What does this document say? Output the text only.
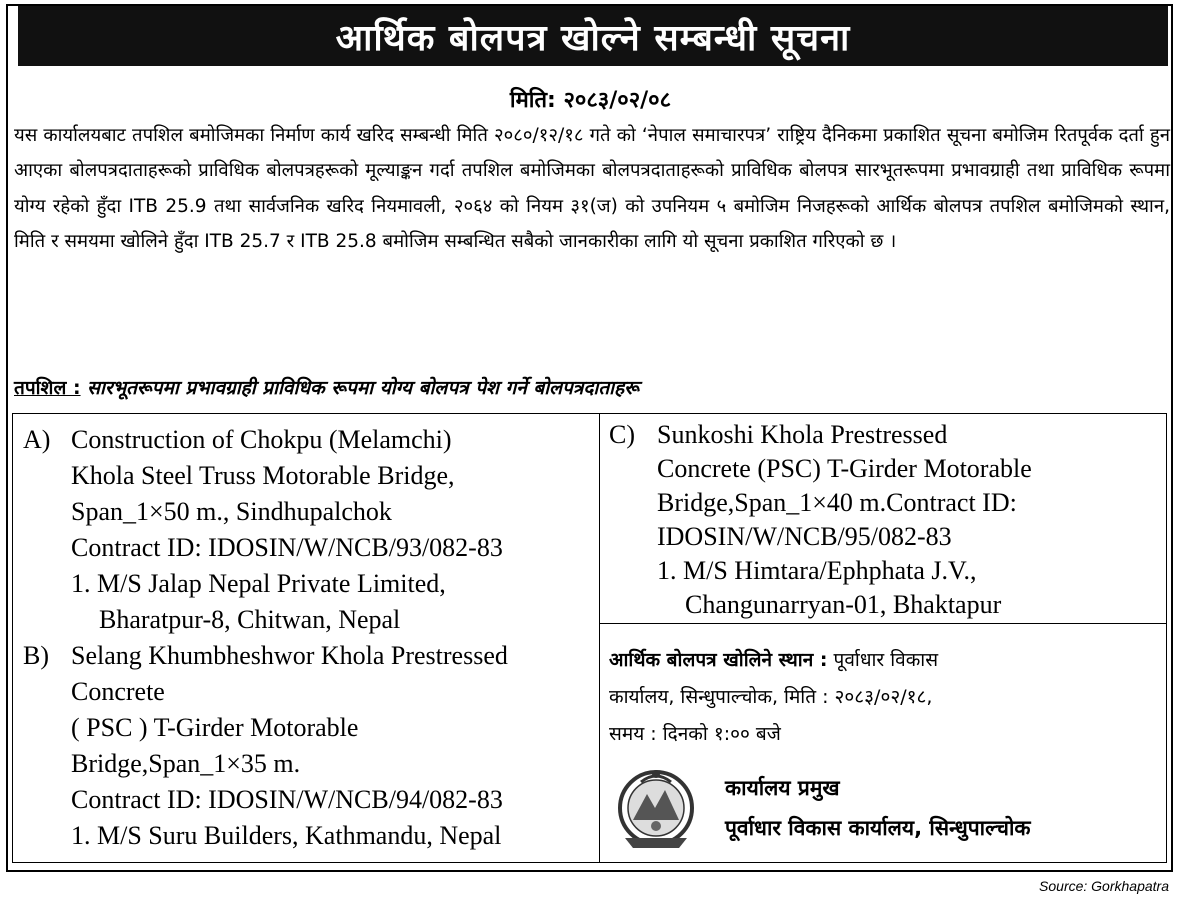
आर्थिक बोलपत्र खोल्ने सम्बन्धी सूचना
मिति: २०८३/०२/०८
यस कार्यालयबाट तपशिल बमोजिमका निर्माण कार्य खरिद सम्बन्धी मिति २०८०/१२/१८ गते को ‘नेपाल समाचारपत्र’ राष्ट्रिय दैनिकमा प्रकाशित सूचना बमोजिम रितपूर्वक दर्ता हुन आएका बोलपत्रदाताहरूको प्राविधिक बोलपत्रहरूको मूल्याङ्कन गर्दा तपशिल बमोजिमका बोलपत्रदाताहरूको प्राविधिक बोलपत्र सारभूतरूपमा प्रभावग्राही तथा प्राविधिक रूपमा योग्य रहेको हुँदा ITB 25.9 तथा सार्वजनिक खरिद नियमावली, २०६४ को नियम ३१(ज) को उपनियम ५ बमोजिम निजहरूको आर्थिक बोलपत्र तपशिल बमोजिमको स्थान, मिति र समयमा खोलिने हुँदा ITB 25.7 र ITB 25.8 बमोजिम सम्बन्धित सबैको जानकारीका लागि यो सूचना प्रकाशित गरिएको छ ।
तपशिल : सारभूतरूपमा प्रभावग्राही प्राविधिक रूपमा योग्य बोलपत्र पेश गर्ने बोलपत्रदाताहरू
A) Construction of Chokpu (Melamchi)
Khola Steel Truss Motorable Bridge,
Span_1×50 m., Sindhupalchok
Contract ID: IDOSIN/W/NCB/93/082-83
1. M/S Jalap Nepal Private Limited,
Bharatpur-8, Chitwan, Nepal
B) Selang Khumbheshwor Khola Prestressed
Concrete
( PSC ) T-Girder Motorable
Bridge,Span_1×35 m.
Contract ID: IDOSIN/W/NCB/94/082-83
1. M/S Suru Builders, Kathmandu, Nepal
C) Sunkoshi Khola Prestressed
Concrete (PSC) T-Girder Motorable
Bridge,Span_1×40 m.Contract ID:
IDOSIN/W/NCB/95/082-83
1. M/S Himtara/Ephphata J.V.,
Changunarryan-01, Bhaktapur
आर्थिक बोलपत्र खोलिने स्थान : पूर्वाधार विकास
कार्यालय, सिन्धुपाल्चोक, मिति : २०८३/०२/१८,
समय : दिनको १:०० बजे
कार्यालय प्रमुख
पूर्वाधार विकास कार्यालय, सिन्धुपाल्चोक
Source: Gorkhapatra
